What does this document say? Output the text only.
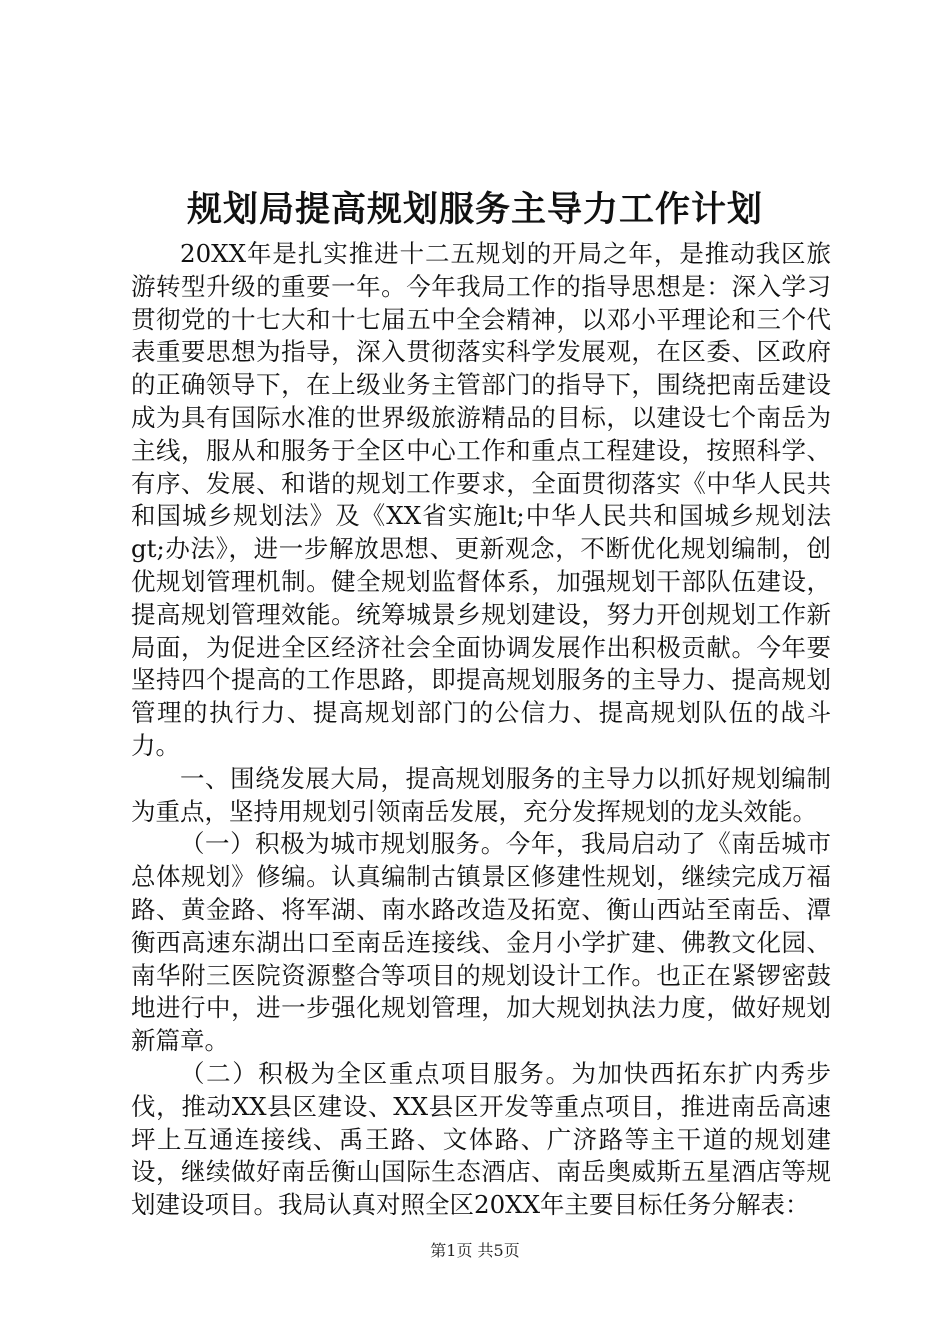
规划局提高规划服务主导力工作计划

20XX年是扎实推进十二五规划的开局之年，是推动我区旅游转型升级的重要一年。今年我局工作的指导思想是：深入学习贯彻党的十七大和十七届五中全会精神，以邓小平理论和三个代表重要思想为指导，深入贯彻落实科学发展观，在区委、区政府的正确领导下，在上级业务主管部门的指导下，围绕把南岳建设成为具有国际水准的世界级旅游精品的目标，以建设七个南岳为主线，服从和服务于全区中心工作和重点工程建设，按照科学、有序、发展、和谐的规划工作要求，全面贯彻落实《中华人民共和国城乡规划法》及《XX省实施lt;中华人民共和国城乡规划法gt;办法》，进一步解放思想、更新观念，不断优化规划编制，创优规划管理机制。健全规划监督体系，加强规划干部队伍建设，提高规划管理效能。统筹城景乡规划建设，努力开创规划工作新局面，为促进全区经济社会全面协调发展作出积极贡献。今年要坚持四个提高的工作思路，即提高规划服务的主导力、提高规划管理的执行力、提高规划部门的公信力、提高规划队伍的战斗力。

一、围绕发展大局，提高规划服务的主导力以抓好规划编制为重点，坚持用规划引领南岳发展，充分发挥规划的龙头效能。

（一）积极为城市规划服务。今年，我局启动了《南岳城市总体规划》修编。认真编制古镇景区修建性规划，继续完成万福路、黄金路、将军湖、南水路改造及拓宽、衡山西站至南岳、潭衡西高速东湖出口至南岳连接线、金月小学扩建、佛教文化园、南华附三医院资源整合等项目的规划设计工作。也正在紧锣密鼓地进行中，进一步强化规划管理，加大规划执法力度，做好规划新篇章。

（二）积极为全区重点项目服务。为加快西拓东扩内秀步伐，推动XX县区建设、XX县区开发等重点项目，推进南岳高速坪上互通连接线、禹王路、文体路、广济路等主干道的规划建设，继续做好南岳衡山国际生态酒店、南岳奥威斯五星酒店等规划建设项目。我局认真对照全区20XX年主要目标任务分解表：

第1页 共5页
